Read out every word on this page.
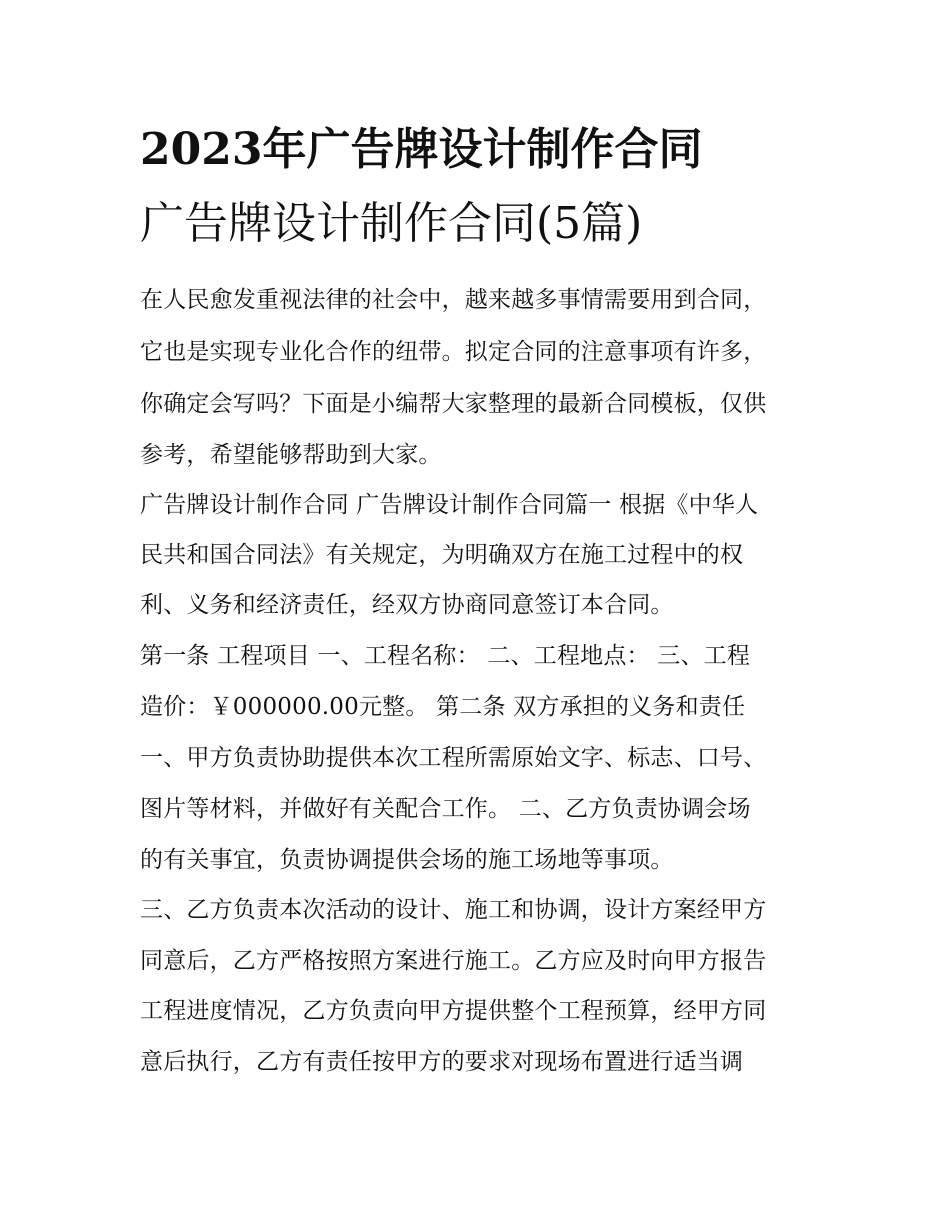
2023年广告牌设计制作合同
广告牌设计制作合同(5篇)

在人民愈发重视法律的社会中，越来越多事情需要用到合同，

它也是实现专业化合作的纽带。拟定合同的注意事项有许多，

你确定会写吗？下面是小编帮大家整理的最新合同模板，仅供

参考，希望能够帮助到大家。

广告牌设计制作合同 广告牌设计制作合同篇一 根据《中华人

民共和国合同法》有关规定，为明确双方在施工过程中的权

利、义务和经济责任，经双方协商同意签订本合同。

第一条 工程项目 一、工程名称： 二、工程地点： 三、工程

造价：￥000000.00元整。 第二条 双方承担的义务和责任

一、甲方负责协助提供本次工程所需原始文字、标志、口号、

图片等材料，并做好有关配合工作。 二、乙方负责协调会场

的有关事宜，负责协调提供会场的施工场地等事项。

三、乙方负责本次活动的设计、施工和协调，设计方案经甲方

同意后，乙方严格按照方案进行施工。乙方应及时向甲方报告

工程进度情况，乙方负责向甲方提供整个工程预算，经甲方同

意后执行，乙方有责任按甲方的要求对现场布置进行适当调
